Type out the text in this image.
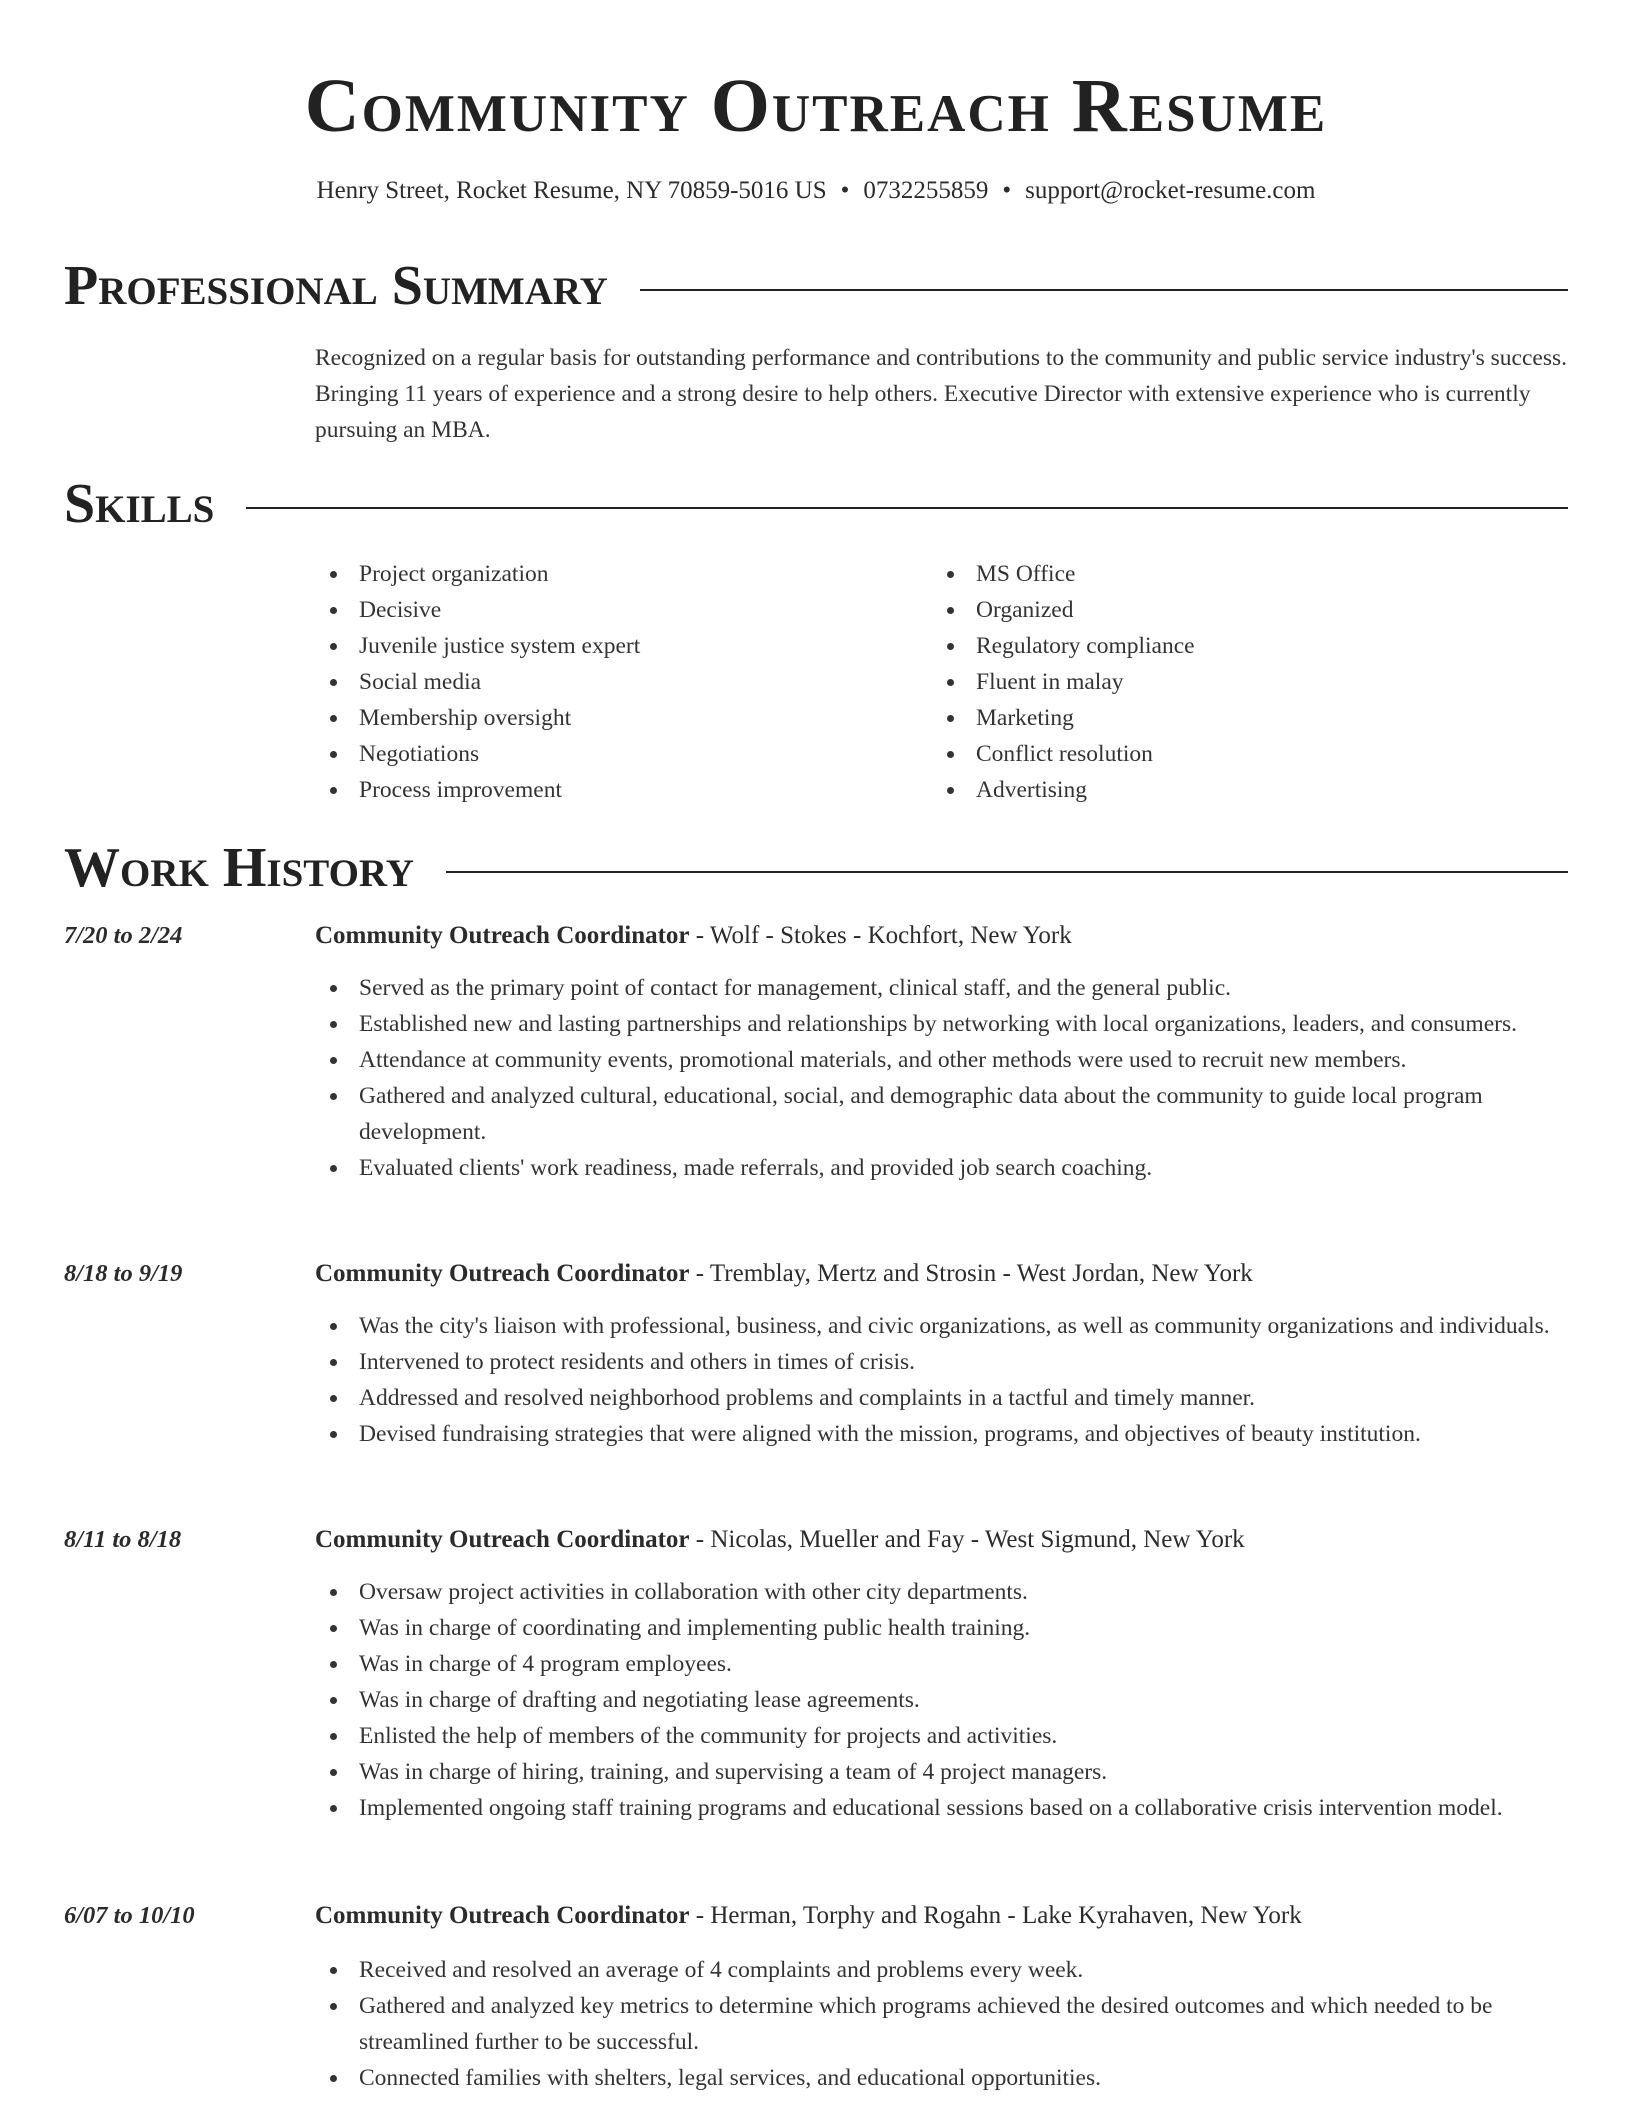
Community Outreach Resume
Henry Street, Rocket Resume, NY 70859-5016 US • 0732255859 • support@rocket-resume.com
Professional Summary

Recognized on a regular basis for outstanding performance and contributions to the community and public service industry's success. Bringing 11 years of experience and a strong desire to help others. Executive Director with extensive experience who is currently pursuing an MBA.

Skills
Project organization
Decisive
Juvenile justice system expert
Social media
Membership oversight
Negotiations
Process improvement
MS Office
Organized
Regulatory compliance
Fluent in malay
Marketing
Conflict resolution
Advertising
Work History
7/20 to 2/24	Community Outreach Coordinator - Wolf - Stokes - Kochfort, New York
Served as the primary point of contact for management, clinical staff, and the general public.
Established new and lasting partnerships and relationships by networking with local organizations, leaders, and consumers.
Attendance at community events, promotional materials, and other methods were used to recruit new members.
Gathered and analyzed cultural, educational, social, and demographic data about the community to guide local program development.
Evaluated clients' work readiness, made referrals, and provided job search coaching.
8/18 to 9/19	Community Outreach Coordinator - Tremblay, Mertz and Strosin - West Jordan, New York
Was the city's liaison with professional, business, and civic organizations, as well as community organizations and individuals.
Intervened to protect residents and others in times of crisis.
Addressed and resolved neighborhood problems and complaints in a tactful and timely manner.
Devised fundraising strategies that were aligned with the mission, programs, and objectives of beauty institution.
8/11 to 8/18	Community Outreach Coordinator - Nicolas, Mueller and Fay - West Sigmund, New York
Oversaw project activities in collaboration with other city departments.
Was in charge of coordinating and implementing public health training.
Was in charge of 4 program employees.
Was in charge of drafting and negotiating lease agreements.
Enlisted the help of members of the community for projects and activities.
Was in charge of hiring, training, and supervising a team of 4 project managers.
Implemented ongoing staff training programs and educational sessions based on a collaborative crisis intervention model.
6/07 to 10/10	Community Outreach Coordinator - Herman, Torphy and Rogahn - Lake Kyrahaven, New York
Received and resolved an average of 4 complaints and problems every week.
Gathered and analyzed key metrics to determine which programs achieved the desired outcomes and which needed to be streamlined further to be successful.
Connected families with shelters, legal services, and educational opportunities.
